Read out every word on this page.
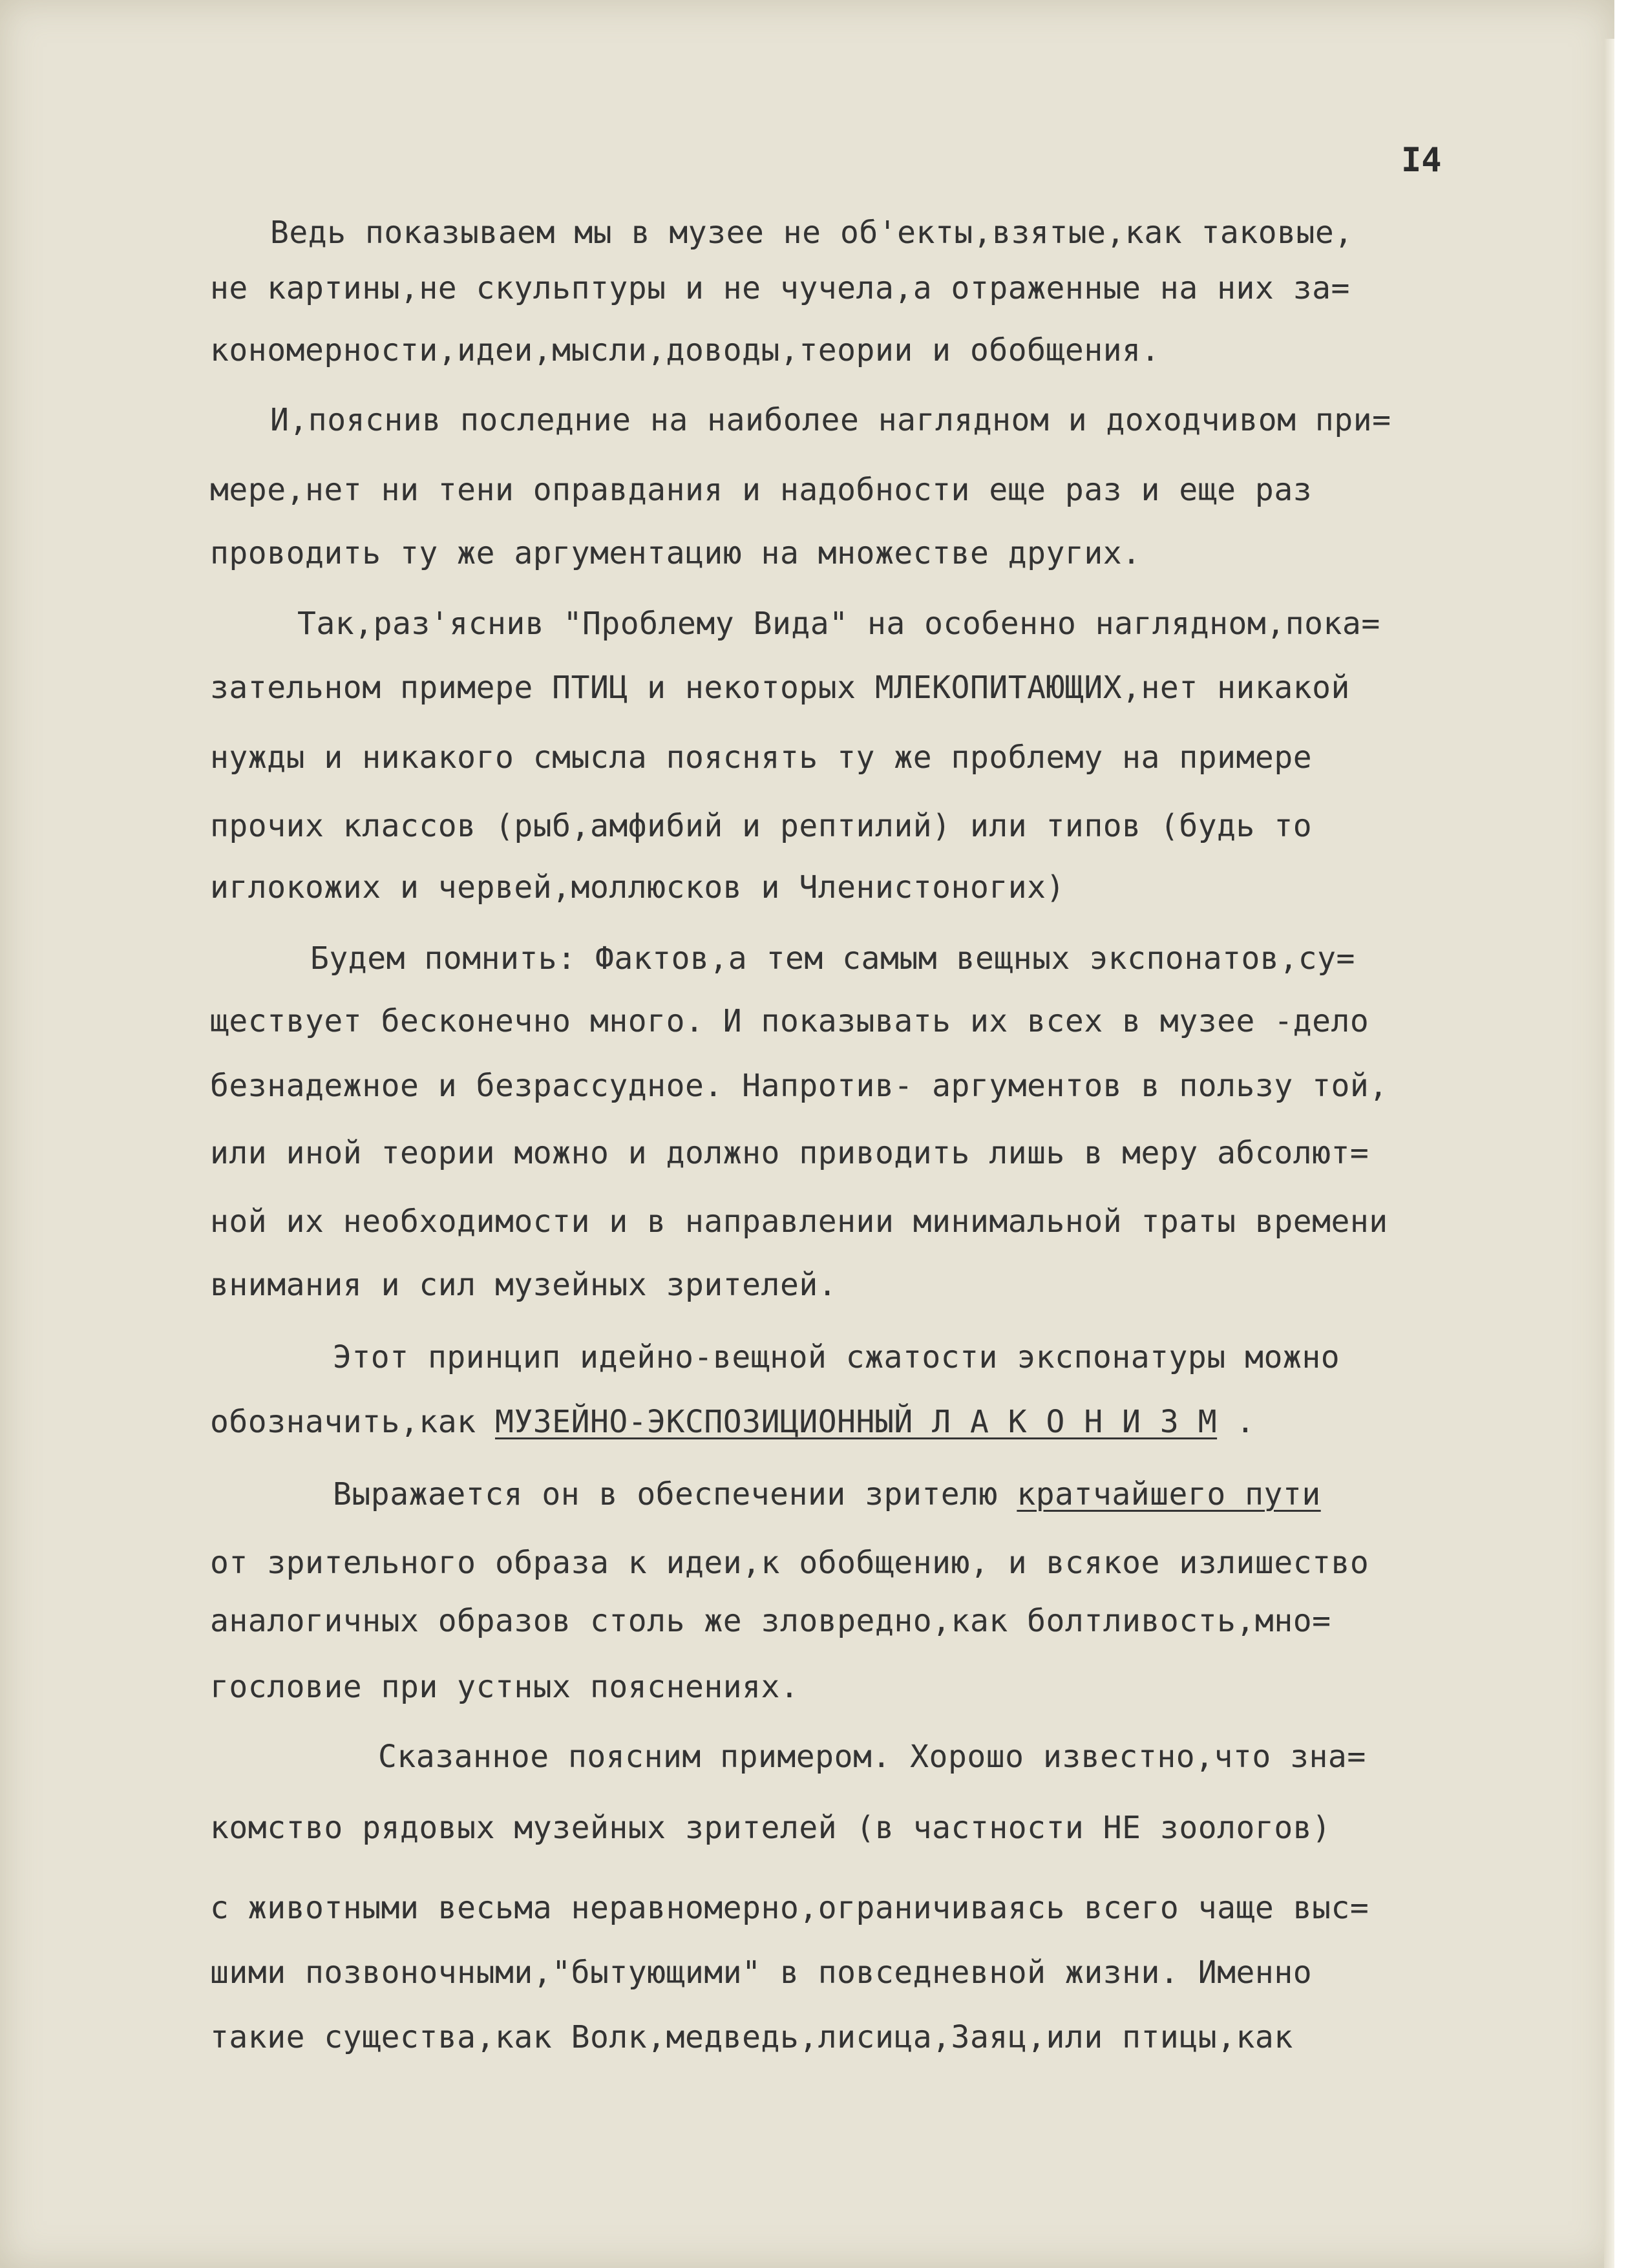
I4

Ведь показываем мы в музее не об'екты,взятые,как таковые,

не картины,не скульптуры и не чучела,а отраженные на них за=

кономерности,идеи,мысли,доводы,теории и обобщения.

И,пояснив последние на наиболее наглядном и доходчивом при=

мере,нет ни тени оправдания и надобности еще раз и еще раз

проводить ту же аргументацию на множестве других.

Так,раз'яснив "Проблему Вида" на особенно наглядном,пока=

зательном примере ПТИЦ и некоторых МЛЕКОПИТАЮЩИХ,нет никакой

нужды и никакого смысла пояснять ту же проблему на примере

прочих классов (рыб,амфибий и рептилий) или типов (будь то

иглокожих и червей,моллюсков и Членистоногих)

Будем помнить: Фактов,а тем самым вещных экспонатов,су=

ществует бесконечно много. И показывать их всех в музее -дело

безнадежное и безрассудное. Напротив- аргументов в пользу той,

или иной теории можно и должно приводить лишь в меру абсолют=

ной их необходимости и в направлении минимальной траты времени

внимания и сил музейных зрителей.

Этот принцип идейно-вещной сжатости экспонатуры можно

обозначить,как МУЗЕЙНО-ЭКСПОЗИЦИОННЫЙ Л А К О Н И З М .

Выражается он в обеспечении зрителю кратчайшего пути

от зрительного образа к идеи,к обобщению, и всякое излишество

аналогичных образов столь же зловредно,как болтливость,мно=

гословие при устных пояснениях.

Сказанное поясним примером. Хорошо известно,что зна=

комство рядовых музейных зрителей (в частности НЕ зоологов)

с животными весьма неравномерно,ограничиваясь всего чаще выс=

шими позвоночными,"бытующими" в повседневной жизни. Именно

такие существа,как Волк,медведь,лисица,Заяц,или птицы,как
